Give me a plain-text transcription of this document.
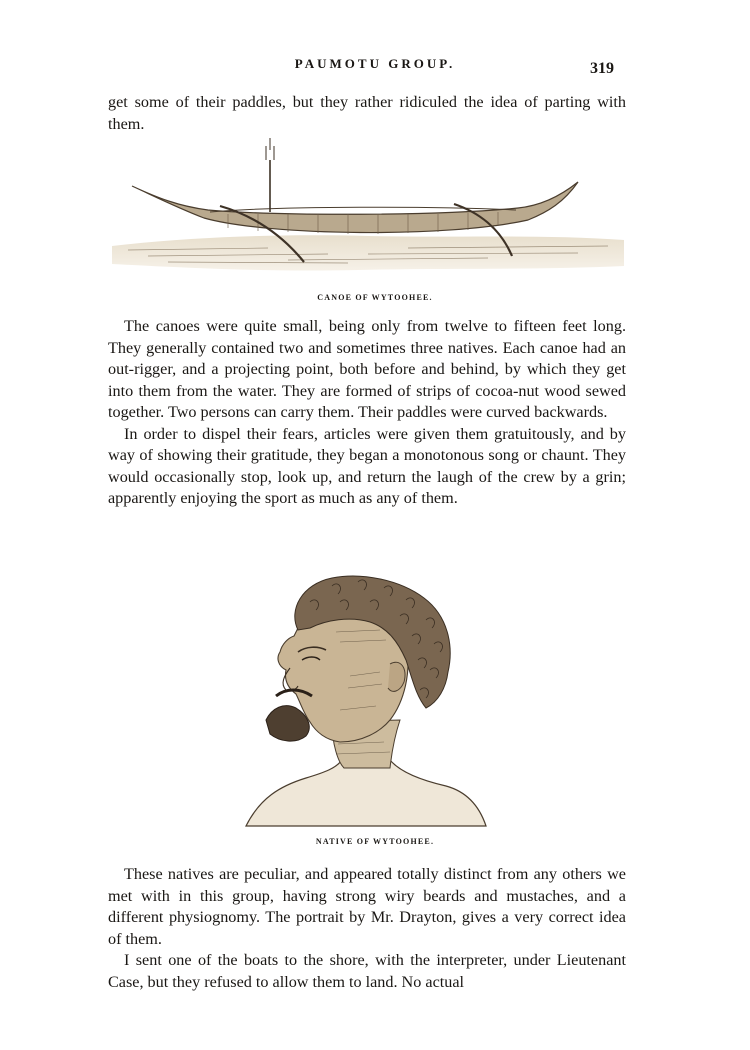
PAUMOTU GROUP.	319

get some of their paddles, but they rather ridiculed the idea of parting with them.

CANOE OF WYTOOHEE.

The canoes were quite small, being only from twelve to fifteen feet long. They generally contained two and sometimes three natives. Each canoe had an out-rigger, and a projecting point, both before and behind, by which they get into them from the water. They are formed of strips of cocoa-nut wood sewed together. Two persons can carry them. Their paddles were curved backwards.

In order to dispel their fears, articles were given them gratuitously, and by way of showing their gratitude, they began a monotonous song or chaunt. They would occasionally stop, look up, and return the laugh of the crew by a grin; apparently enjoying the sport as much as any of them.

NATIVE OF WYTOOHEE.

These natives are peculiar, and appeared totally distinct from any others we met with in this group, having strong wiry beards and mustaches, and a different physiognomy. The portrait by Mr. Drayton, gives a very correct idea of them.

I sent one of the boats to the shore, with the interpreter, under Lieutenant Case, but they refused to allow them to land. No actual
